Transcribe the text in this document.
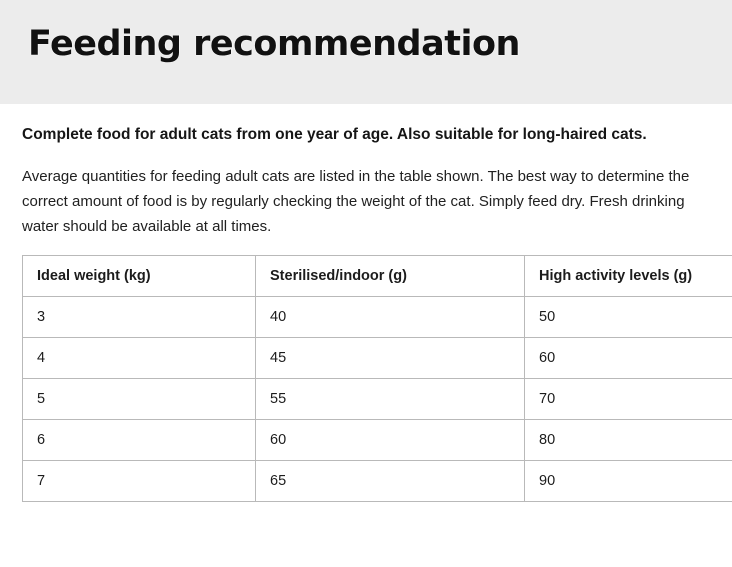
Feeding recommendation

Complete food for adult cats from one year of age. Also suitable for long-haired cats.

Average quantities for feeding adult cats are listed in the table shown. The best way to determine the correct amount of food is by regularly checking the weight of the cat. Simply feed dry. Fresh drinking water should be available at all times.

Ideal weight (kg)	Sterilised/indoor (g)	High activity levels (g)
3	40	50
4	45	60
5	55	70
6	60	80
7	65	90
